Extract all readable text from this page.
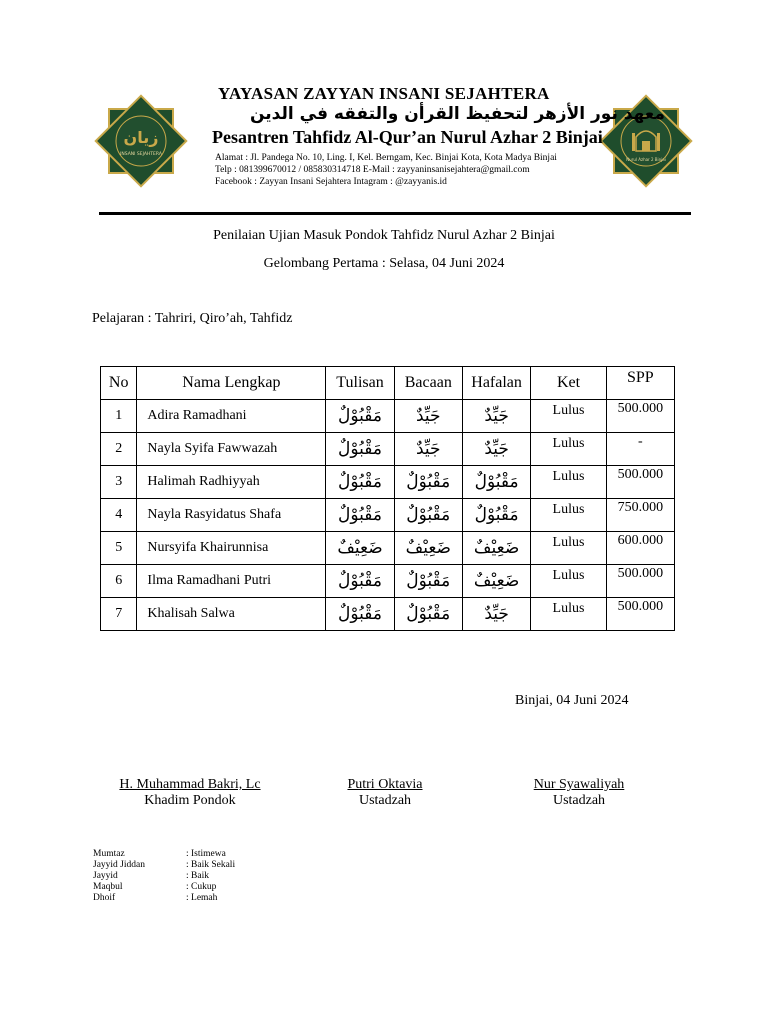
زيان
INSANI SEJAHTERA
Nurul Azhar 2 Binjai
YAYASAN ZAYYAN INSANI SEJAHTERA
معهد نور الأزهر لتحفيظ القرأن والتفقه في الدين
Pesantren Tahfidz Al-Qur’an Nurul Azhar 2 Binjai
Alamat : Jl. Pandega No. 10, Ling. I, Kel. Berngam, Kec. Binjai Kota, Kota Madya Binjai
Telp : 081399670012 / 085830314718 E-Mail : zayyaninsanisejahtera@gmail.com
Facebook : Zayyan Insani Sejahtera Intagram : @zayyanis.id
Penilaian Ujian Masuk Pondok Tahfidz Nurul Azhar 2 Binjai
Gelombang Pertama : Selasa, 04 Juni 2024
Pelajaran : Tahriri, Qiro’ah, Tahfidz
No	Nama Lengkap	Tulisan	Bacaan	Hafalan	Ket	SPP
1	Adira Ramadhani	مَقْبُوْلٌ	جَيِّدٌ	جَيِّدٌ	Lulus	500.000
2	Nayla Syifa Fawwazah	مَقْبُوْلٌ	جَيِّدٌ	جَيِّدٌ	Lulus	-
3	Halimah Radhiyyah	مَقْبُوْلٌ	مَقْبُوْلٌ	مَقْبُوْلٌ	Lulus	500.000
4	Nayla Rasyidatus Shafa	مَقْبُوْلٌ	مَقْبُوْلٌ	مَقْبُوْلٌ	Lulus	750.000
5	Nursyifa Khairunnisa	ضَعِيْفٌ	ضَعِيْفٌ	ضَعِيْفٌ	Lulus	600.000
6	Ilma Ramadhani Putri	مَقْبُوْلٌ	مَقْبُوْلٌ	ضَعِيْفٌ	Lulus	500.000
7	Khalisah Salwa	مَقْبُوْلٌ	مَقْبُوْلٌ	جَيِّدٌ	Lulus	500.000
Binjai, 04 Juni 2024
H. Muhammad Bakri, Lc
Khadim Pondok
Putri Oktavia
Ustadzah
Nur Syawaliyah
Ustadzah
Mumtaz	: Istimewa
Jayyid Jiddan	: Baik Sekali
Jayyid	: Baik
Maqbul	: Cukup
Dhoif	: Lemah
